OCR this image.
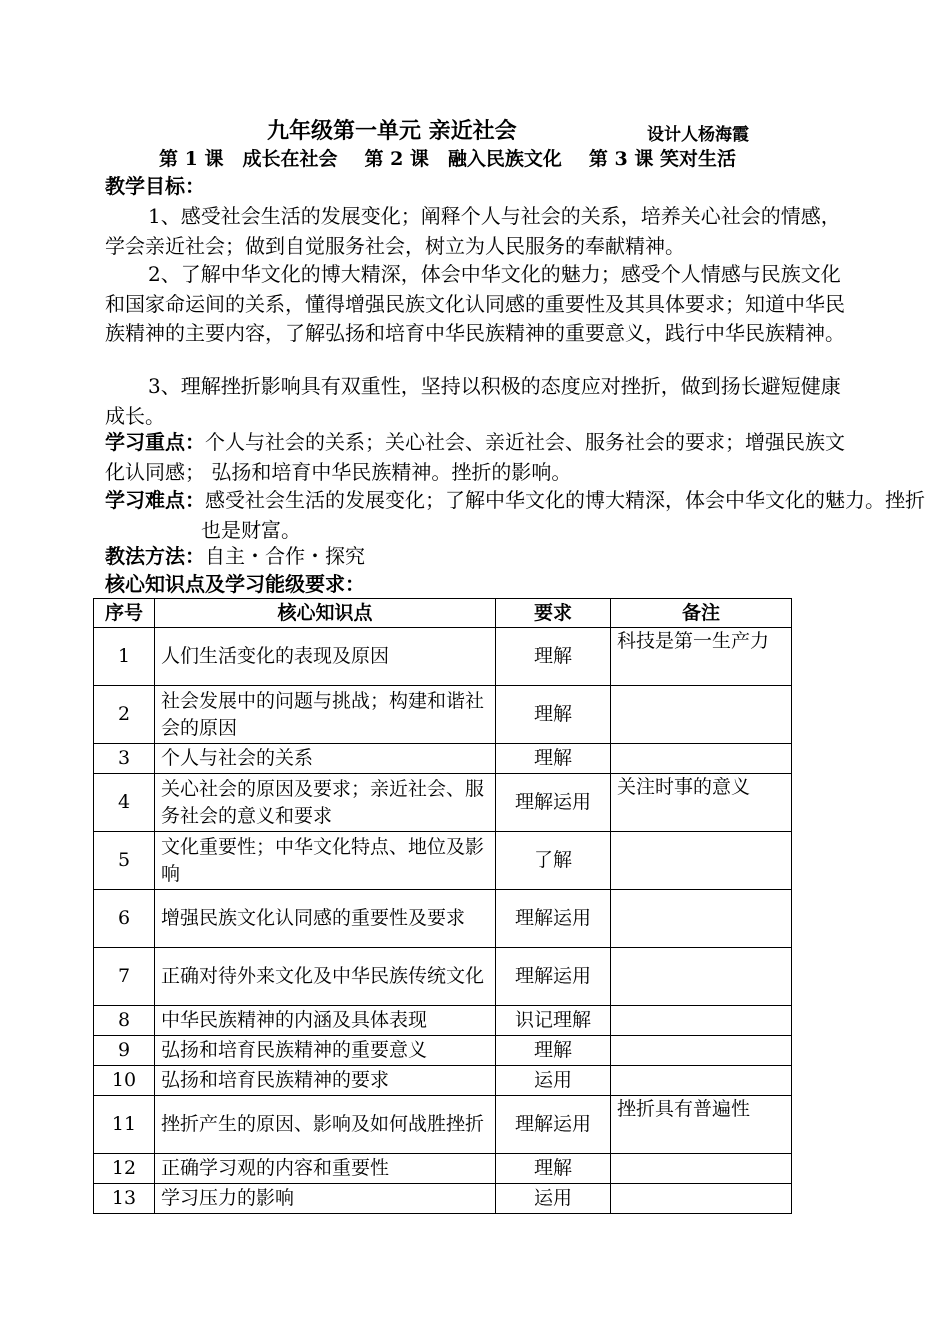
九年级第一单元 亲近社会	设计人杨海霞
第 1 课　成长在社会 第 2 课　融入民族文化 第 3 课 笑对生活
教学目标：
1、感受社会生活的发展变化；阐释个人与社会的关系，培养关心社会的情感，学会亲近社会；做到自觉服务社会，树立为人民服务的奉献精神。
2、了解中华文化的博大精深，体会中华文化的魅力；感受个人情感与民族文化和国家命运间的关系，懂得增强民族文化认同感的重要性及其具体要求；知道中华民族精神的主要内容，了解弘扬和培育中华民族精神的重要意义，践行中华民族精神。
3、理解挫折影响具有双重性，坚持以积极的态度应对挫折，做到扬长避短健康成长。
学习重点：个人与社会的关系；关心社会、亲近社会、服务社会的要求；增强民族文化认同感； 弘扬和培育中华民族精神。挫折的影响。
学习难点：感受社会生活的发展变化；了解中华文化的博大精深，体会中华文化的魅力。挫折也是财富。
教法方法：自主・合作・探究
核心知识点及学习能级要求：
序号	核心知识点	要求	备注
1	人们生活变化的表现及原因	理解	科技是第一生产力
2	社会发展中的问题与挑战；构建和谐社会的原因	理解	
3	个人与社会的关系	理解	
4	关心社会的原因及要求；亲近社会、服务社会的意义和要求	理解运用	关注时事的意义
5	文化重要性；中华文化特点、地位及影响	了解	
6	增强民族文化认同感的重要性及要求	理解运用	
7	正确对待外来文化及中华民族传统文化	理解运用	
8	中华民族精神的内涵及具体表现	识记理解	
9	弘扬和培育民族精神的重要意义	理解	
10	弘扬和培育民族精神的要求	运用	
11	挫折产生的原因、影响及如何战胜挫折	理解运用	挫折具有普遍性
12	正确学习观的内容和重要性	理解	
13	学习压力的影响	运用	
